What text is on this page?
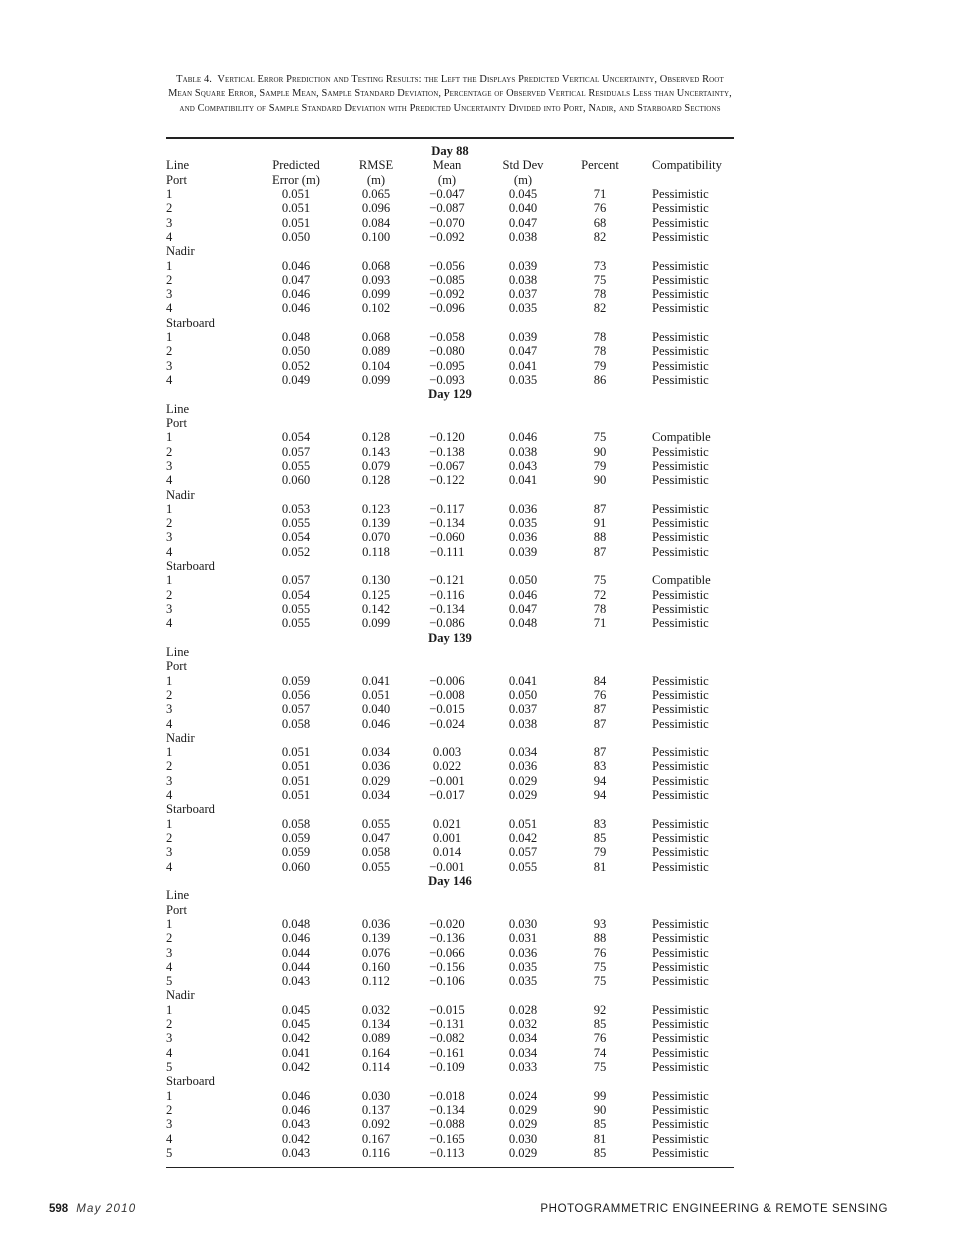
Table 4. Vertical Error Prediction and Testing Results: the Left the Displays Predicted Vertical Uncertainty, Observed Root Mean Square Error, Sample Mean, Sample Standard Deviation, Percentage of Observed Vertical Residuals Less than Uncertainty, and Compatibility of Sample Standard Deviation with Predicted Uncertainty Divided into Port, Nadir, and Starboard Sections
Day 88
Line	Predicted	RMSE	Mean	Std Dev	Percent	Compatibility
Port	Error (m)	(m)	(m)	(m)
1	0.051	0.065	−0.047	0.045	71	Pessimistic
2	0.051	0.096	−0.087	0.040	76	Pessimistic
3	0.051	0.084	−0.070	0.047	68	Pessimistic
4	0.050	0.100	−0.092	0.038	82	Pessimistic
Nadir
1	0.046	0.068	−0.056	0.039	73	Pessimistic
2	0.047	0.093	−0.085	0.038	75	Pessimistic
3	0.046	0.099	−0.092	0.037	78	Pessimistic
4	0.046	0.102	−0.096	0.035	82	Pessimistic
Starboard
1	0.048	0.068	−0.058	0.039	78	Pessimistic
2	0.050	0.089	−0.080	0.047	78	Pessimistic
3	0.052	0.104	−0.095	0.041	79	Pessimistic
4	0.049	0.099	−0.093	0.035	86	Pessimistic
Day 129
Line
Port
1	0.054	0.128	−0.120	0.046	75	Compatible
2	0.057	0.143	−0.138	0.038	90	Pessimistic
3	0.055	0.079	−0.067	0.043	79	Pessimistic
4	0.060	0.128	−0.122	0.041	90	Pessimistic
Nadir
1	0.053	0.123	−0.117	0.036	87	Pessimistic
2	0.055	0.139	−0.134	0.035	91	Pessimistic
3	0.054	0.070	−0.060	0.036	88	Pessimistic
4	0.052	0.118	−0.111	0.039	87	Pessimistic
Starboard
1	0.057	0.130	−0.121	0.050	75	Compatible
2	0.054	0.125	−0.116	0.046	72	Pessimistic
3	0.055	0.142	−0.134	0.047	78	Pessimistic
4	0.055	0.099	−0.086	0.048	71	Pessimistic
Day 139
Line
Port
1	0.059	0.041	−0.006	0.041	84	Pessimistic
2	0.056	0.051	−0.008	0.050	76	Pessimistic
3	0.057	0.040	−0.015	0.037	87	Pessimistic
4	0.058	0.046	−0.024	0.038	87	Pessimistic
Nadir
1	0.051	0.034	0.003	0.034	87	Pessimistic
2	0.051	0.036	0.022	0.036	83	Pessimistic
3	0.051	0.029	−0.001	0.029	94	Pessimistic
4	0.051	0.034	−0.017	0.029	94	Pessimistic
Starboard
1	0.058	0.055	0.021	0.051	83	Pessimistic
2	0.059	0.047	0.001	0.042	85	Pessimistic
3	0.059	0.058	0.014	0.057	79	Pessimistic
4	0.060	0.055	−0.001	0.055	81	Pessimistic
Day 146
Line
Port
1	0.048	0.036	−0.020	0.030	93	Pessimistic
2	0.046	0.139	−0.136	0.031	88	Pessimistic
3	0.044	0.076	−0.066	0.036	76	Pessimistic
4	0.044	0.160	−0.156	0.035	75	Pessimistic
5	0.043	0.112	−0.106	0.035	75	Pessimistic
Nadir
1	0.045	0.032	−0.015	0.028	92	Pessimistic
2	0.045	0.134	−0.131	0.032	85	Pessimistic
3	0.042	0.089	−0.082	0.034	76	Pessimistic
4	0.041	0.164	−0.161	0.034	74	Pessimistic
5	0.042	0.114	−0.109	0.033	75	Pessimistic
Starboard
1	0.046	0.030	−0.018	0.024	99	Pessimistic
2	0.046	0.137	−0.134	0.029	90	Pessimistic
3	0.043	0.092	−0.088	0.029	85	Pessimistic
4	0.042	0.167	−0.165	0.030	81	Pessimistic
5	0.043	0.116	−0.113	0.029	85	Pessimistic
598 May 2010	PHOTOGRAMMETRIC ENGINEERING & REMOTE SENSING
